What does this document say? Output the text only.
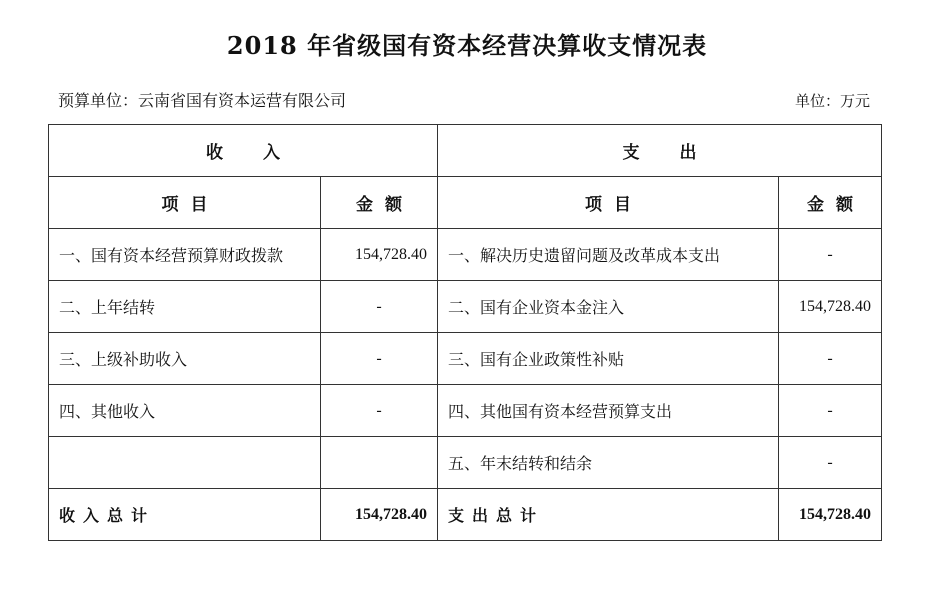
2018 年省级国有资本经营决算收支情况表
预算单位：云南省国有资本运营有限公司	单位：万元
收入		支出	
项目	金额	项目	金额
一、国有资本经营预算财政拨款	154,728.40	一、解决历史遗留问题及改革成本支出	-
二、上年结转	-	二、国有企业资本金注入	154,728.40
三、上级补助收入	-	三、国有企业政策性补贴	-
四、其他收入	-	四、其他国有资本经营预算支出	-
		五、年末结转和结余	-
收入总计	154,728.40	支出总计	154,728.40
